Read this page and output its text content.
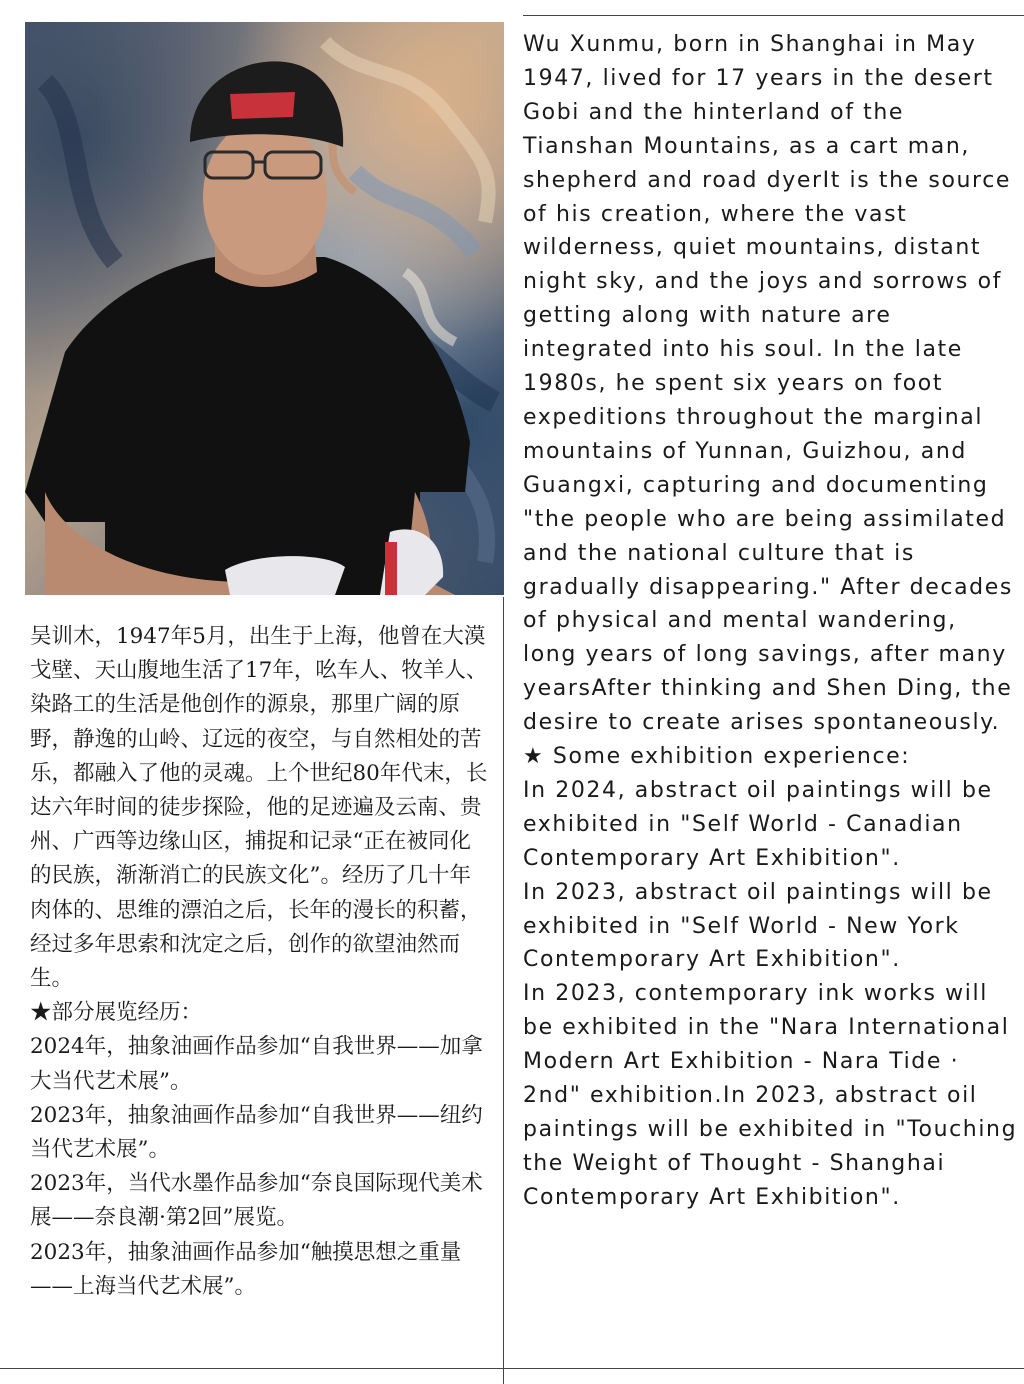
吴训木，1947年5月，出生于上海，他曾在大漠戈壁、天山腹地生活了17年，吆车人、牧羊人、染路工的生活是他创作的源泉，那里广阔的原野，静逸的山岭、辽远的夜空，与自然相处的苦乐，都融入了他的灵魂。上个世纪80年代末，长达六年时间的徒步探险，他的足迹遍及云南、贵州、广西等边缘山区，捕捉和记录“正在被同化的民族，渐渐消亡的民族文化”。经历了几十年肉体的、思维的漂泊之后，长年的漫长的积蓄，经过多年思索和沈定之后，创作的欲望油然而生。

★部分展览经历：

2024年，抽象油画作品参加“自我世界——加拿大当代艺术展”。

2023年，抽象油画作品参加“自我世界——纽约当代艺术展”。

2023年，当代水墨作品参加“奈良国际现代美术展——奈良潮·第2回”展览。

2023年，抽象油画作品参加“触摸思想之重量——上海当代艺术展”。

Wu Xunmu, born in Shanghai in May 1947, lived for 17 years in the desert Gobi and the hinterland of the Tianshan Mountains, as a cart man, shepherd and road dyerIt is the source of his creation, where the vast wilderness, quiet mountains, distant night sky, and the joys and sorrows of getting along with nature are integrated into his soul. In the late 1980s, he spent six years on foot expeditions throughout the marginal mountains of Yunnan, Guizhou, and Guangxi, capturing and documenting "the people who are being assimilated and the national culture that is gradually disappearing." After decades of physical and mental wandering, long years of long savings, after many yearsAfter thinking and Shen Ding, the desire to create arises spontaneously.

★ Some exhibition experience:

In 2024, abstract oil paintings will be exhibited in "Self World - Canadian Contemporary Art Exhibition".

In 2023, abstract oil paintings will be exhibited in "Self World - New York Contemporary Art Exhibition".

In 2023, contemporary ink works will be exhibited in the "Nara International Modern Art Exhibition - Nara Tide · 2nd" exhibition.In 2023, abstract oil paintings will be exhibited in "Touching the Weight of Thought - Shanghai Contemporary Art Exhibition".
